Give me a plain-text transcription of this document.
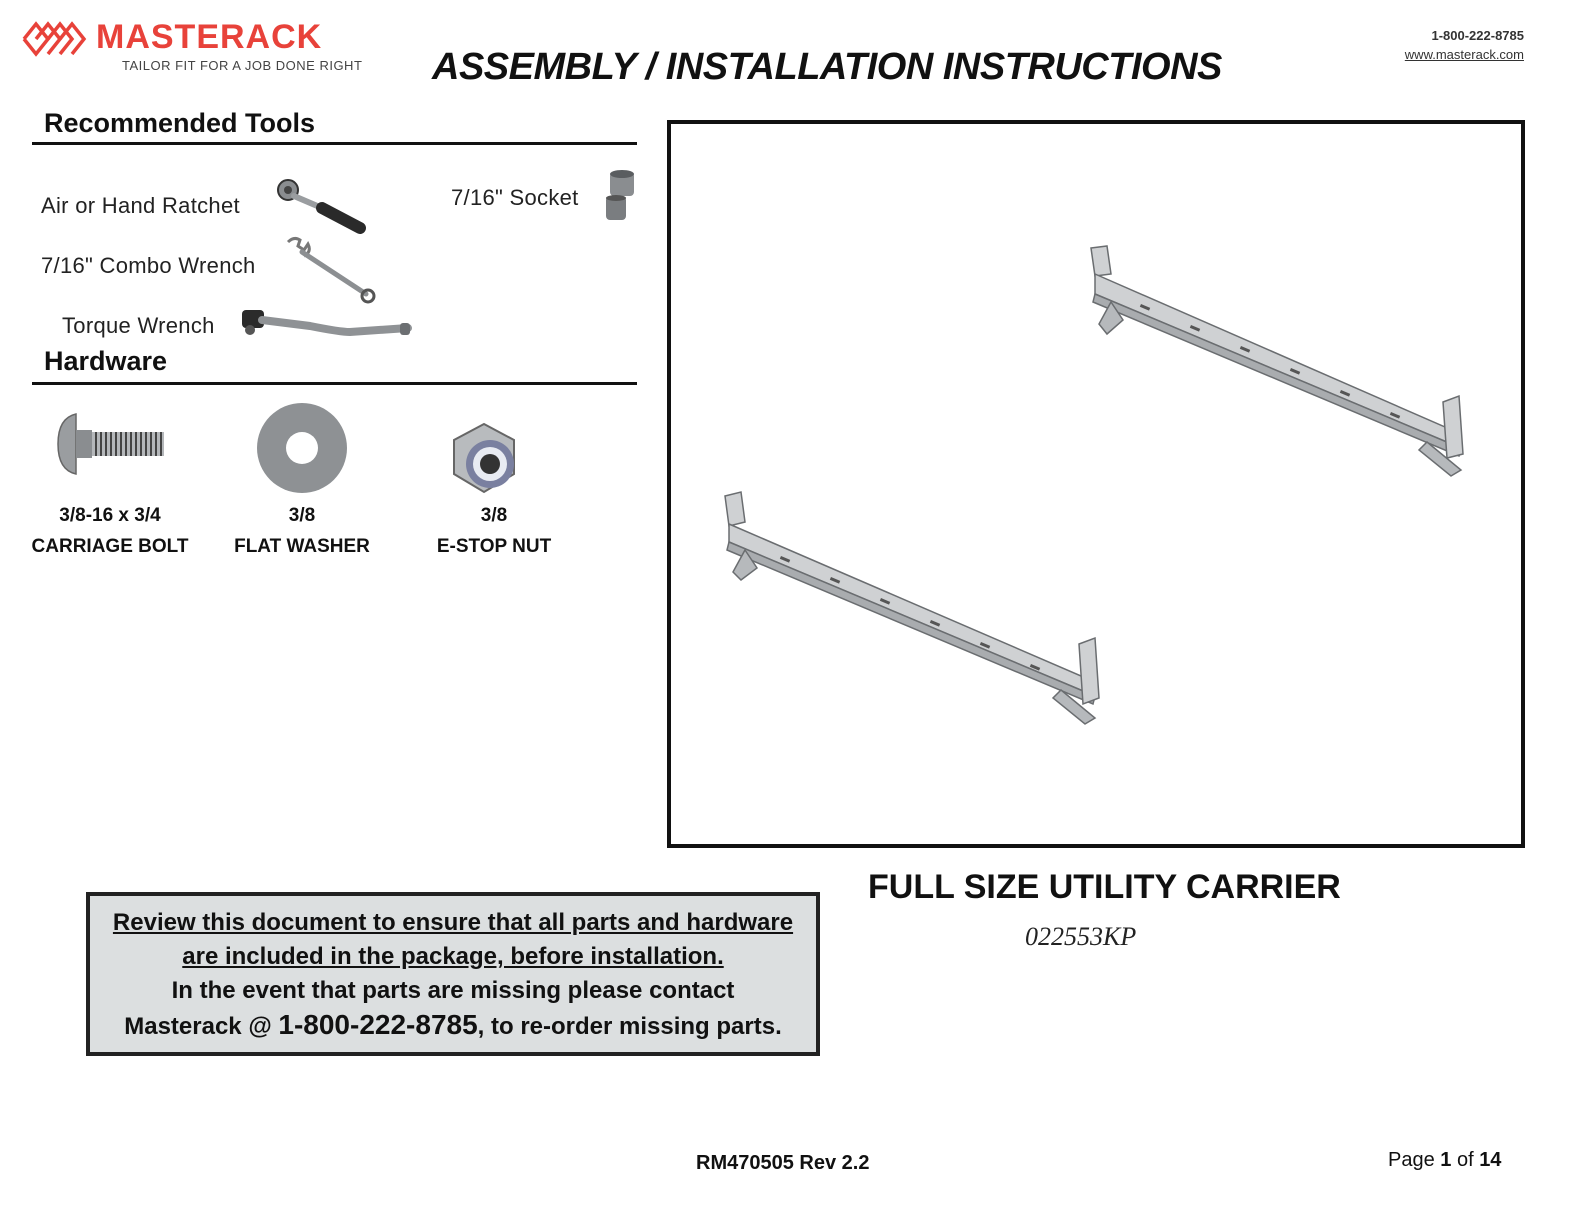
MASTERACK
TAILOR FIT FOR A JOB DONE RIGHT ASSEMBLY / INSTALLATION INSTRUCTIONS
1-800-222-8785
www.masterack.com
Recommended Tools
Air or Hand Ratchet
7/16" Combo Wrench
Torque Wrench
7/16" Socket
Hardware
3/8-16 x 3/4
CARRIAGE BOLT
3/8
FLAT WASHER
3/8
E-STOP NUT
FULL SIZE UTILITY CARRIER
022553KP
Review this document to ensure that all parts and hardware
are included in the package, before installation.
In the event that parts are missing please contact
Masterack @ 1-800-222-8785, to re-order missing parts.
RM470505 Rev 2.2	Page 1 of 14
